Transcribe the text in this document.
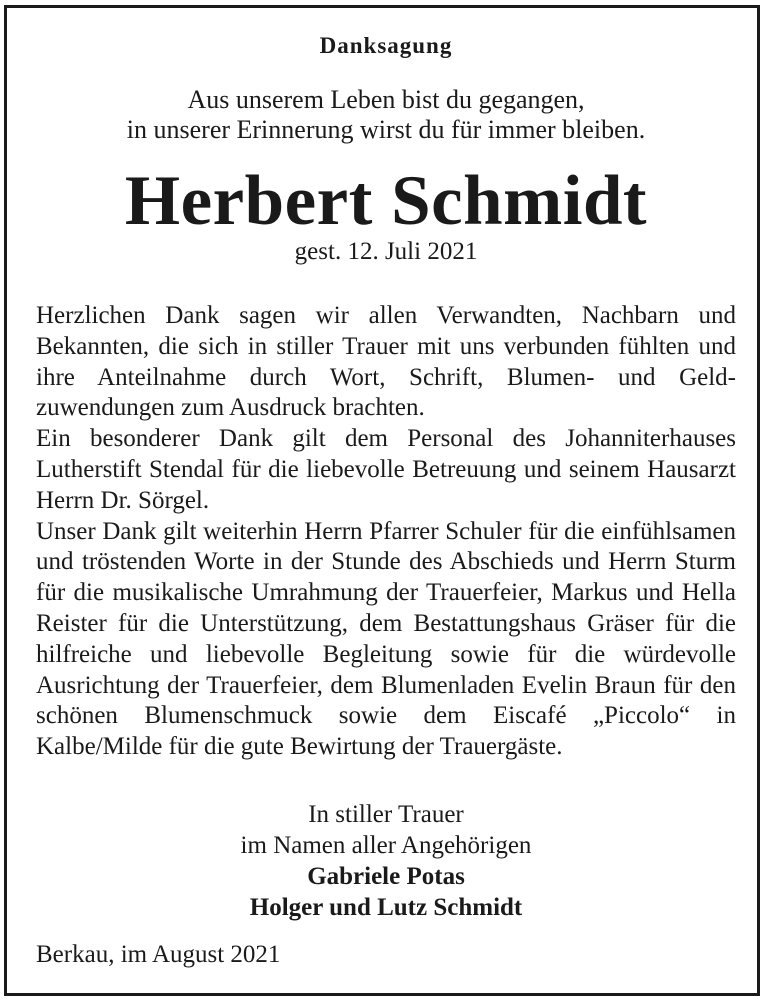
Danksagung
Aus unserem Leben bist du gegangen,
in unserer Erinnerung wirst du für immer bleiben.
Herbert Schmidt
gest. 12. Juli 2021

Herzlichen Dank sagen wir allen Verwandten, Nachbarn und Bekannten, die sich in stiller Trauer mit uns verbunden fühlten und ihre Anteilnahme durch Wort, Schrift, Blumen- und Geldzuwendungen zum Ausdruck brachten.

Ein besonderer Dank gilt dem Personal des Johanniterhauses Lutherstift Stendal für die liebevolle Betreuung und seinem Hausarzt Herrn Dr. Sörgel.

Unser Dank gilt weiterhin Herrn Pfarrer Schuler für die einfühlsamen und tröstenden Worte in der Stunde des Abschieds und Herrn Sturm für die musikalische Umrahmung der Trauerfeier, Markus und Hella Reister für die Unterstützung, dem Bestattungshaus Gräser für die hilfreiche und liebevolle Begleitung sowie für die würdevolle Ausrichtung der Trauerfeier, dem Blumenladen Evelin Braun für den schönen Blumenschmuck sowie dem Eiscafé „Piccolo“ in Kalbe/Milde für die gute Bewirtung der Trauergäste.

In stiller Trauer
im Namen aller Angehörigen
Gabriele Potas
Holger und Lutz Schmidt
Berkau, im August 2021
